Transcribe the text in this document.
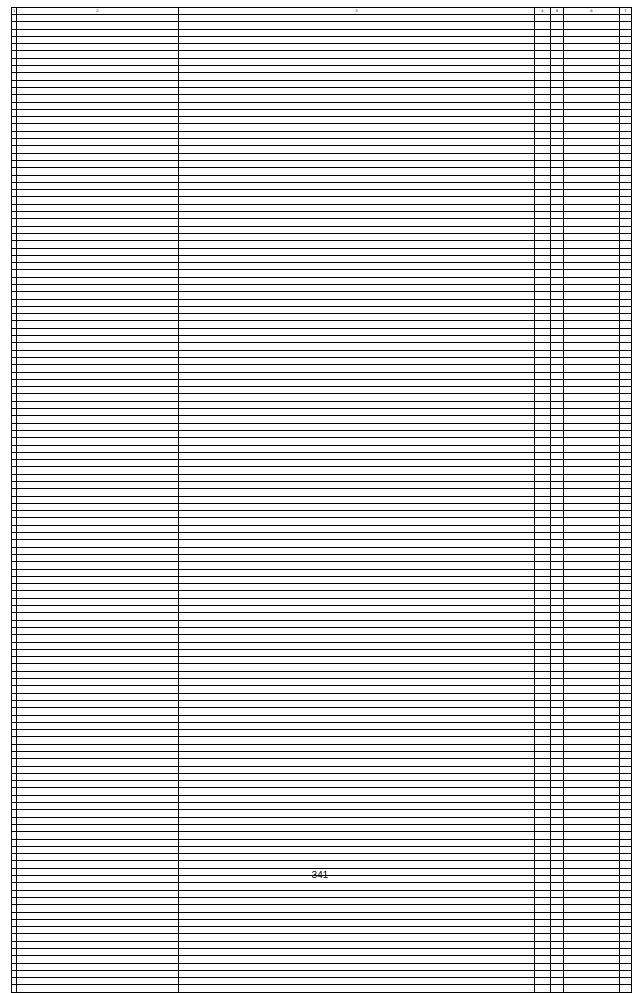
1	2	3	4	5	6	7

341
